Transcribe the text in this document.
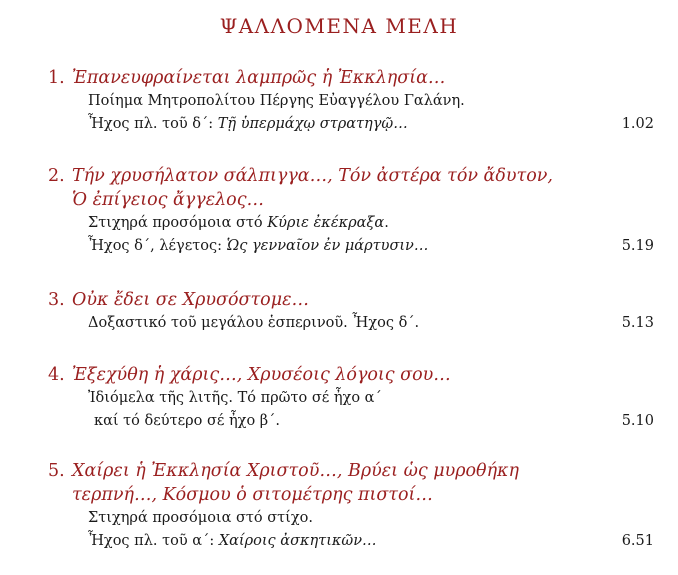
ΨΑΛΛΟΜΕΝΑ ΜΕΛΗ
1. Ἐπανευφραίνεται λαμπρῶς ἡ Ἐκκλησία…
Ποίημα Μητροπολίτου Πέργης Εὐαγγέλου Γαλάνη.
Ἦχος πλ. τοῦ δ΄: Τῇ ὑπερμάχῳ στρατηγῷ…	1.02
2. Τήν χρυσήλατον σάλπιγγα…, Τόν ἀστέρα τόν ἄδυτον,
Ὁ ἐπίγειος ἄγγελος…
Στιχηρά προσόμοια στό Κύριε ἐκέκραξα.
Ἦχος δ΄, λέγετος: Ὡς γενναῖον ἐν μάρτυσιν…	5.19
3. Οὐκ ἔδει σε Χρυσόστομε…
Δοξαστικό τοῦ μεγάλου ἑσπερινοῦ. Ἦχος δ΄.	5.13
4. Ἐξεχύθη ἡ χάρις…, Χρυσέοις λόγοις σου…
Ἰδιόμελα τῆς λιτῆς. Τό πρῶτο σέ ἦχο α΄
καί τό δεύτερο σέ ἦχο β΄.	5.10
5. Χαίρει ἡ Ἐκκλησία Χριστοῦ…, Βρύει ὡς μυροθήκη
τερπνή…, Κόσμου ὁ σιτομέτρης πιστοί…
Στιχηρά προσόμοια στό στίχο.
Ἦχος πλ. τοῦ α΄: Χαίροις ἀσκητικῶν…	6.51
